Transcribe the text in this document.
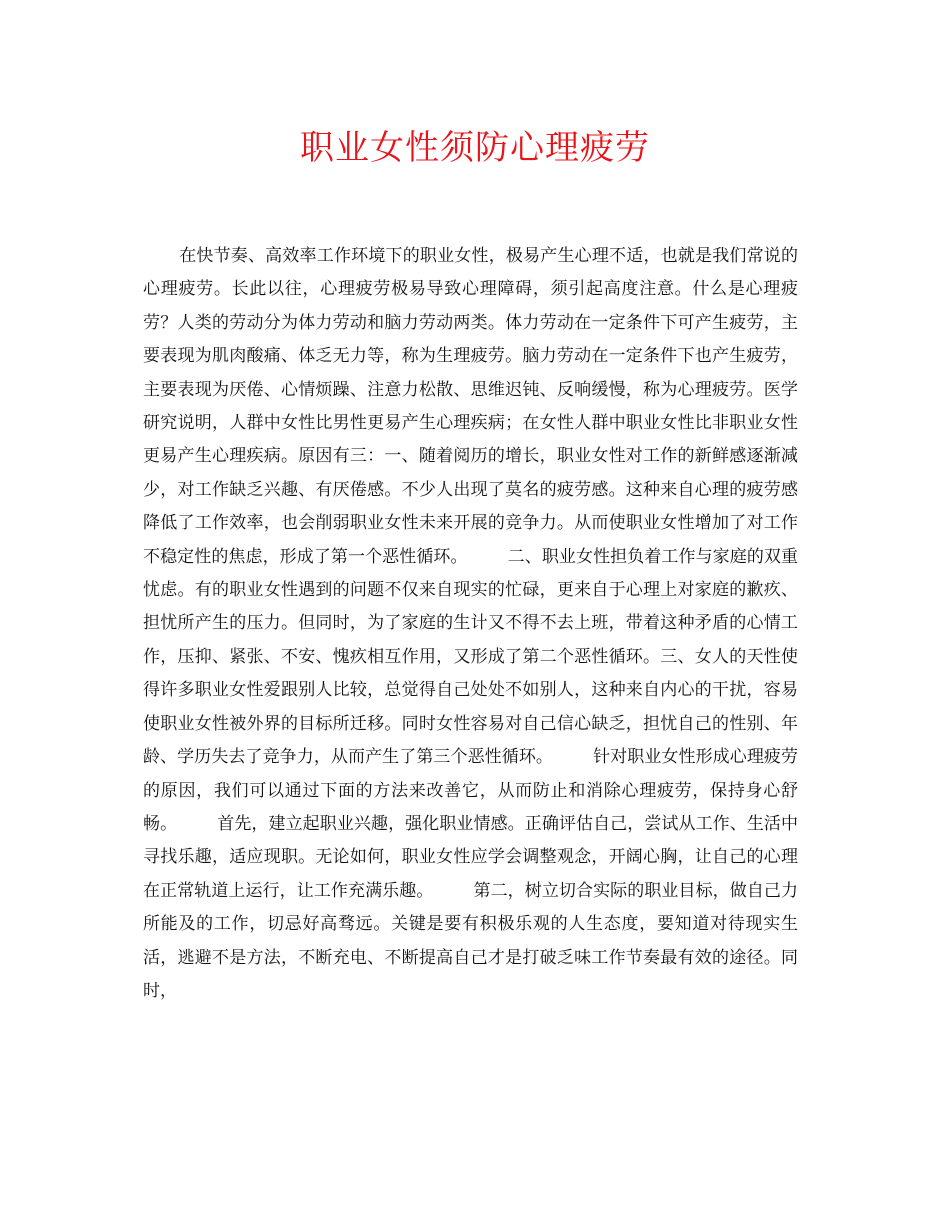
职业女性须防心理疲劳

在快节奏、高效率工作环境下的职业女性，极易产生心理不适，也就是我们常说的心理疲劳。长此以往，心理疲劳极易导致心理障碍，须引起高度注意。什么是心理疲劳？人类的劳动分为体力劳动和脑力劳动两类。体力劳动在一定条件下可产生疲劳，主要表现为肌肉酸痛、体乏无力等，称为生理疲劳。脑力劳动在一定条件下也产生疲劳，主要表现为厌倦、心情烦躁、注意力松散、思维迟钝、反响缓慢，称为心理疲劳。医学研究说明，人群中女性比男性更易产生心理疾病；在女性人群中职业女性比非职业女性更易产生心理疾病。原因有三：一、随着阅历的增长，职业女性对工作的新鲜感逐渐减少，对工作缺乏兴趣、有厌倦感。不少人出现了莫名的疲劳感。这种来自心理的疲劳感降低了工作效率，也会削弱职业女性未来开展的竞争力。从而使职业女性增加了对工作不稳定性的焦虑，形成了第一个恶性循环。 二、职业女性担负着工作与家庭的双重忧虑。有的职业女性遇到的问题不仅来自现实的忙碌，更来自于心理上对家庭的歉疚、担忧所产生的压力。但同时，为了家庭的生计又不得不去上班，带着这种矛盾的心情工作，压抑、紧张、不安、愧疚相互作用，又形成了第二个恶性循环。三、女人的天性使得许多职业女性爱跟别人比较，总觉得自己处处不如别人，这种来自内心的干扰，容易使职业女性被外界的目标所迁移。同时女性容易对自己信心缺乏，担忧自己的性别、年龄、学历失去了竞争力，从而产生了第三个恶性循环。 针对职业女性形成心理疲劳的原因，我们可以通过下面的方法来改善它，从而防止和消除心理疲劳，保持身心舒畅。 首先，建立起职业兴趣，强化职业情感。正确评估自己，尝试从工作、生活中寻找乐趣，适应现职。无论如何，职业女性应学会调整观念，开阔心胸，让自己的心理在正常轨道上运行，让工作充满乐趣。 第二，树立切合实际的职业目标，做自己力所能及的工作，切忌好高骛远。关键是要有积极乐观的人生态度，要知道对待现实生活，逃避不是方法，不断充电、不断提高自己才是打破乏味工作节奏最有效的途径。同时，
